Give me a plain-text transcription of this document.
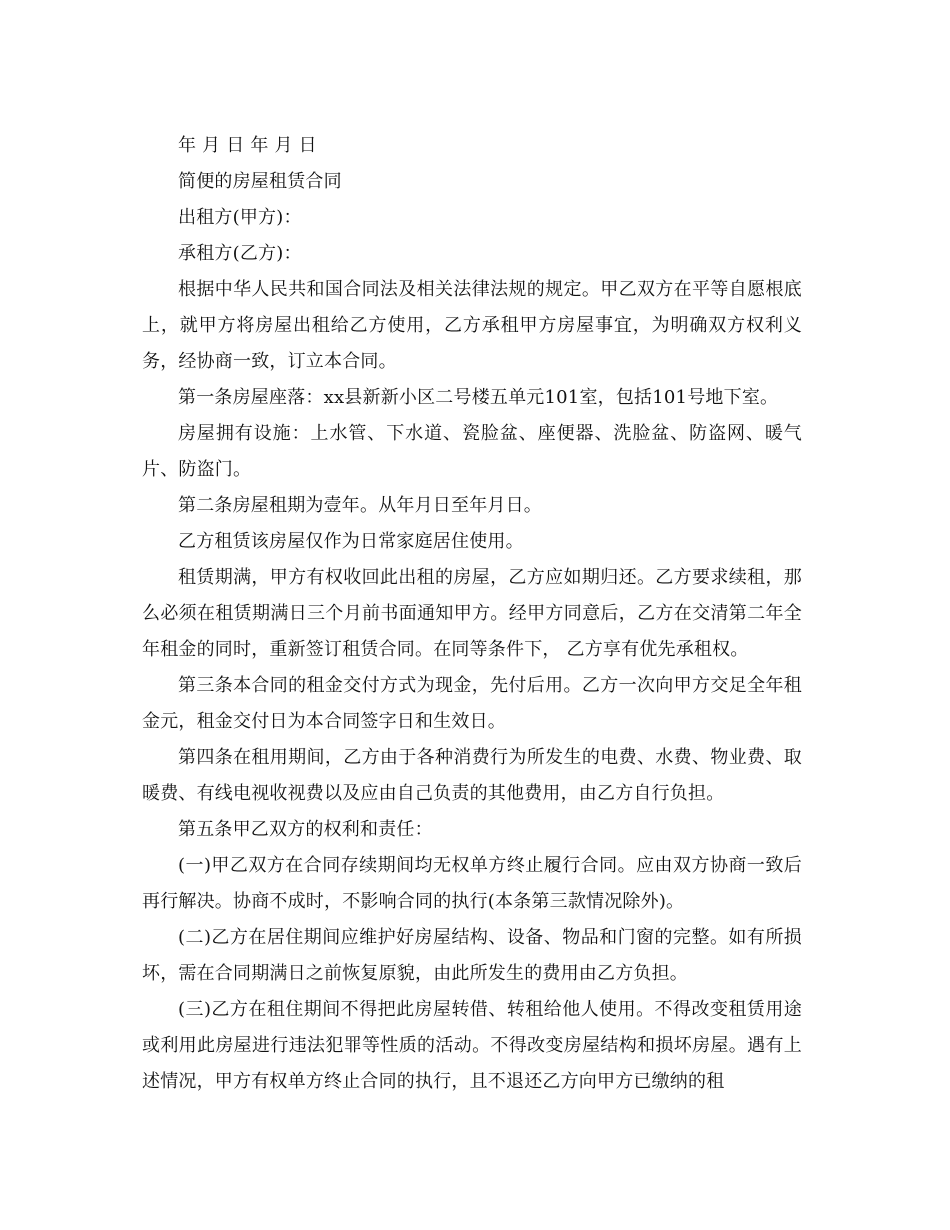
年 月 日 年 月 日

简便的房屋租赁合同

出租方(甲方)：

承租方(乙方)：

根据中华人民共和国合同法及相关法律法规的规定。甲乙双方在平等自愿根底上，就甲方将房屋出租给乙方使用，乙方承租甲方房屋事宜，为明确双方权利义务，经协商一致，订立本合同。

第一条房屋座落：xx县新新小区二号楼五单元101室，包括101号地下室。

房屋拥有设施：上水管、下水道、瓷脸盆、座便器、洗脸盆、防盗网、暖气片、防盗门。

第二条房屋租期为壹年。从年月日至年月日。

乙方租赁该房屋仅作为日常家庭居住使用。

租赁期满，甲方有权收回此出租的房屋，乙方应如期归还。乙方要求续租，那么必须在租赁期满日三个月前书面通知甲方。经甲方同意后，乙方在交清第二年全年租金的同时，重新签订租赁合同。在同等条件下， 乙方享有优先承租权。

第三条本合同的租金交付方式为现金，先付后用。乙方一次向甲方交足全年租金元，租金交付日为本合同签字日和生效日。

第四条在租用期间，乙方由于各种消费行为所发生的电费、水费、物业费、取暖费、有线电视收视费以及应由自己负责的其他费用，由乙方自行负担。

第五条甲乙双方的权利和责任：

(一)甲乙双方在合同存续期间均无权单方终止履行合同。应由双方协商一致后再行解决。协商不成时，不影响合同的执行(本条第三款情况除外)。

(二)乙方在居住期间应维护好房屋结构、设备、物品和门窗的完整。如有所损坏，需在合同期满日之前恢复原貌，由此所发生的费用由乙方负担。

(三)乙方在租住期间不得把此房屋转借、转租给他人使用。不得改变租赁用途或利用此房屋进行违法犯罪等性质的活动。不得改变房屋结构和损坏房屋。遇有上述情况，甲方有权单方终止合同的执行，且不退还乙方向甲方已缴纳的租
